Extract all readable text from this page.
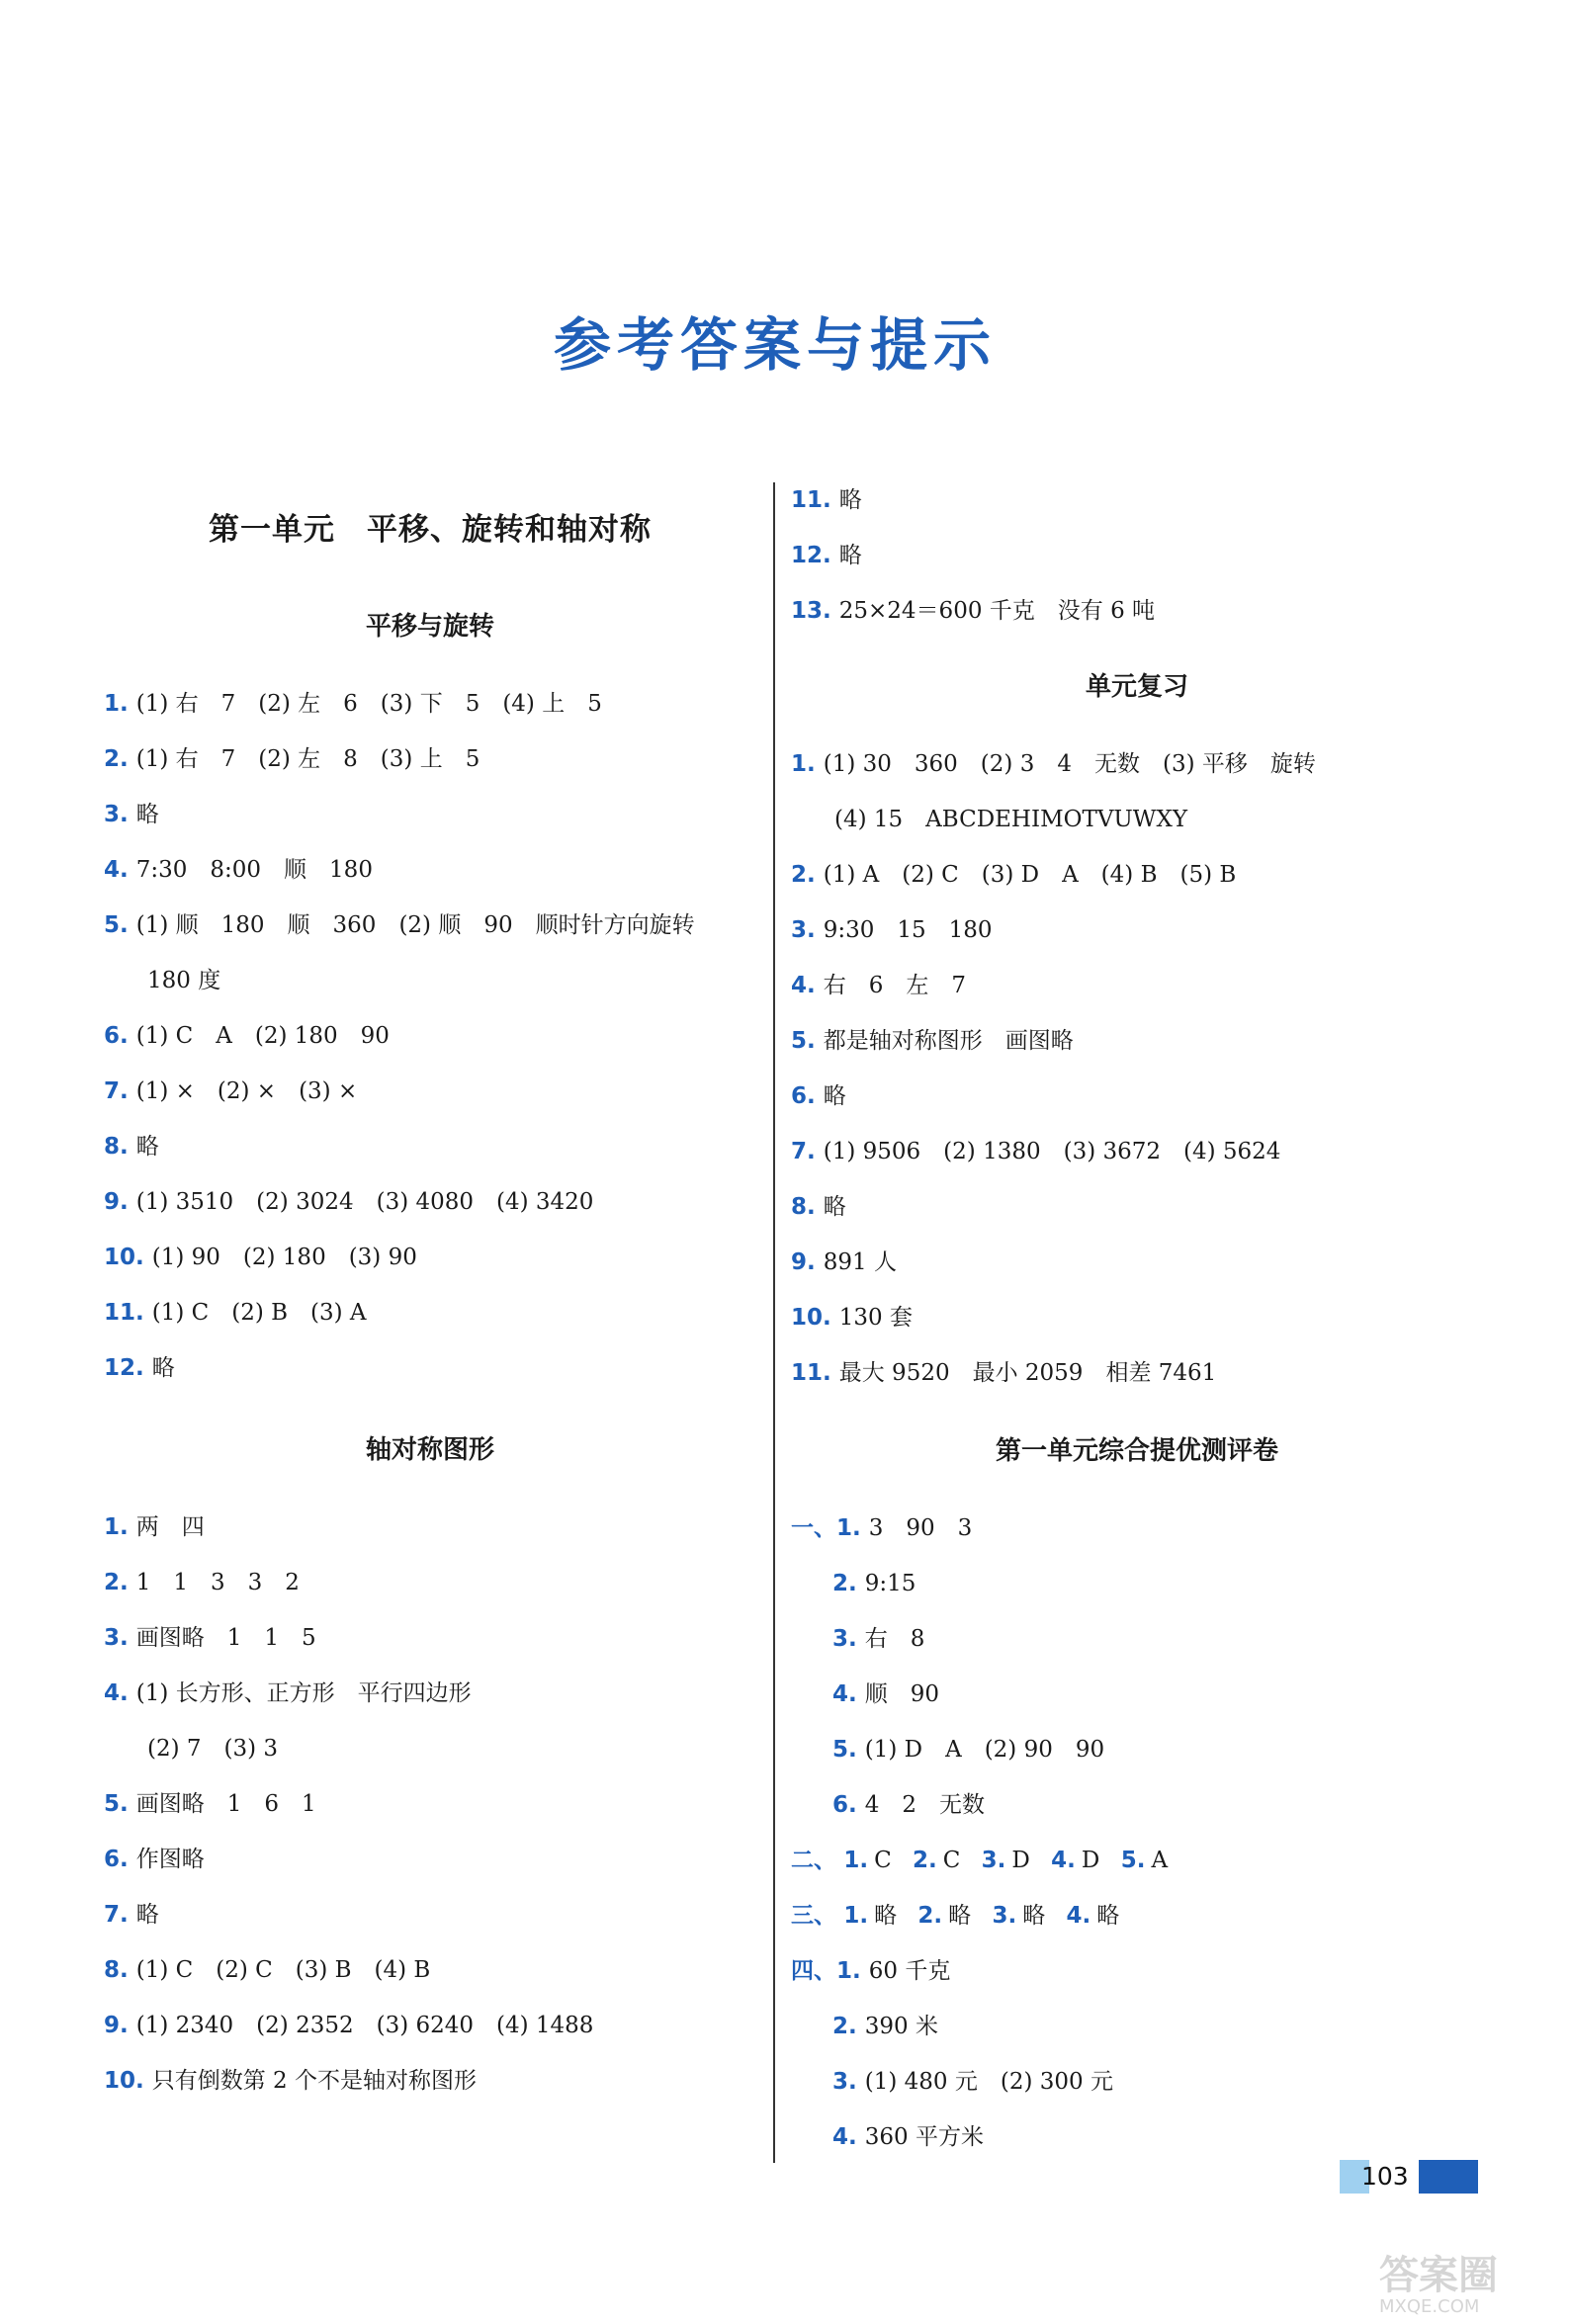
参考答案与提示
第一单元　平移、旋转和轴对称
平移与旋转
1. (1) 右　7　(2) 左　6　(3) 下　5　(4) 上　5
2. (1) 右　7　(2) 左　8　(3) 上　5
3. 略
4. 7:30　8:00　顺　180
5. (1) 顺　180　顺　360　(2) 顺　90　顺时针方向旋转
180 度
6. (1) C　A　(2) 180　90
7. (1) ×　(2) ×　(3) ×
8. 略
9. (1) 3510　(2) 3024　(3) 4080　(4) 3420
10. (1) 90　(2) 180　(3) 90
11. (1) C　(2) B　(3) A
12. 略
轴对称图形
1. 两　四
2. 1　1　3　3　2
3. 画图略　1　1　5
4. (1) 长方形、正方形　平行四边形
(2) 7　(3) 3
5. 画图略　1　6　1
6. 作图略
7. 略
8. (1) C　(2) C　(3) B　(4) B
9. (1) 2340　(2) 2352　(3) 6240　(4) 1488
10. 只有倒数第 2 个不是轴对称图形
11. 略
12. 略
13. 25×24＝600 千克　没有 6 吨
单元复习
1. (1) 30　360　(2) 3　4　无数　(3) 平移　旋转
(4) 15　ABCDEHIMOTVUWXY
2. (1) A　(2) C　(3) D　A　(4) B　(5) B
3. 9:30　15　180
4. 右　6　左　7
5. 都是轴对称图形　画图略
6. 略
7. (1) 9506　(2) 1380　(3) 3672　(4) 5624
8. 略
9. 891 人
10. 130 套
11. 最大 9520　最小 2059　相差 7461
第一单元综合提优测评卷
一、1. 3　90　3
2. 9:15
3. 右　8
4. 顺　90
5. (1) D　A　(2) 90　90
6. 4　2　无数
二、 1. C 2. C 3. D 4. D 5. A
三、 1. 略 2. 略 3. 略 4. 略
四、1. 60 千克
2. 390 米
3. (1) 480 元　(2) 300 元
4. 360 平方米
103
答案圈
MXQE.COM
